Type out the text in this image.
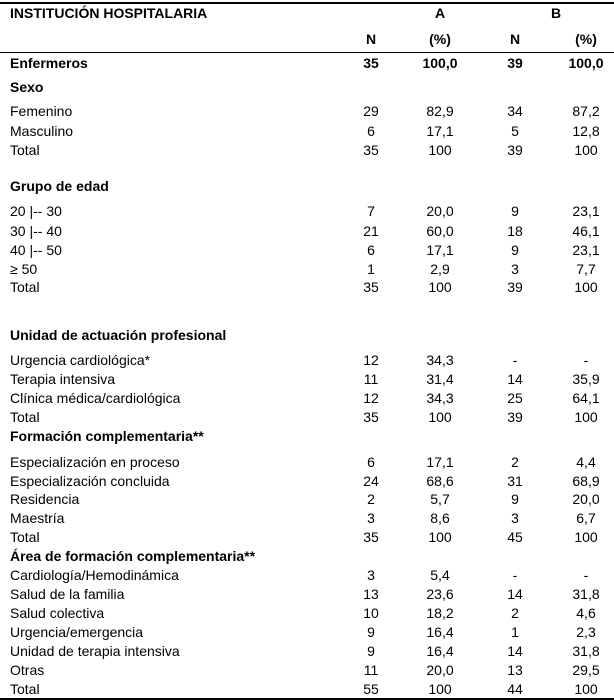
INSTITUCIÓN HOSPITALARIA	A	B
N	(%)	N	(%)
Enfermeros	35	100,0	39	100,0
Sexo
Femenino	29	82,9	34	87,2
Masculino	6	17,1	5	12,8
Total	35	100	39	100
Grupo de edad
20 |-- 30	7	20,0	9	23,1
30 |-- 40	21	60,0	18	46,1
40 |-- 50	6	17,1	9	23,1
≥ 50	1	2,9	3	7,7
Total	35	100	39	100
Unidad de actuación profesional
Urgencia cardiológica*	12	34,3	-	-
Terapia intensiva	11	31,4	14	35,9
Clínica médica/cardiológica	12	34,3	25	64,1
Total	35	100	39	100
Formación complementaria**
Especialización en proceso	6	17,1	2	4,4
Especialización concluida	24	68,6	31	68,9
Residencia	2	5,7	9	20,0
Maestría	3	8,6	3	6,7
Total	35	100	45	100
Área de formación complementaria**
Cardiología/Hemodinámica	3	5,4	-	-
Salud de la familia	13	23,6	14	31,8
Salud colectiva	10	18,2	2	4,6
Urgencia/emergencia	9	16,4	1	2,3
Unidad de terapia intensiva	9	16,4	14	31,8
Otras	11	20,0	13	29,5
Total	55	100	44	100
